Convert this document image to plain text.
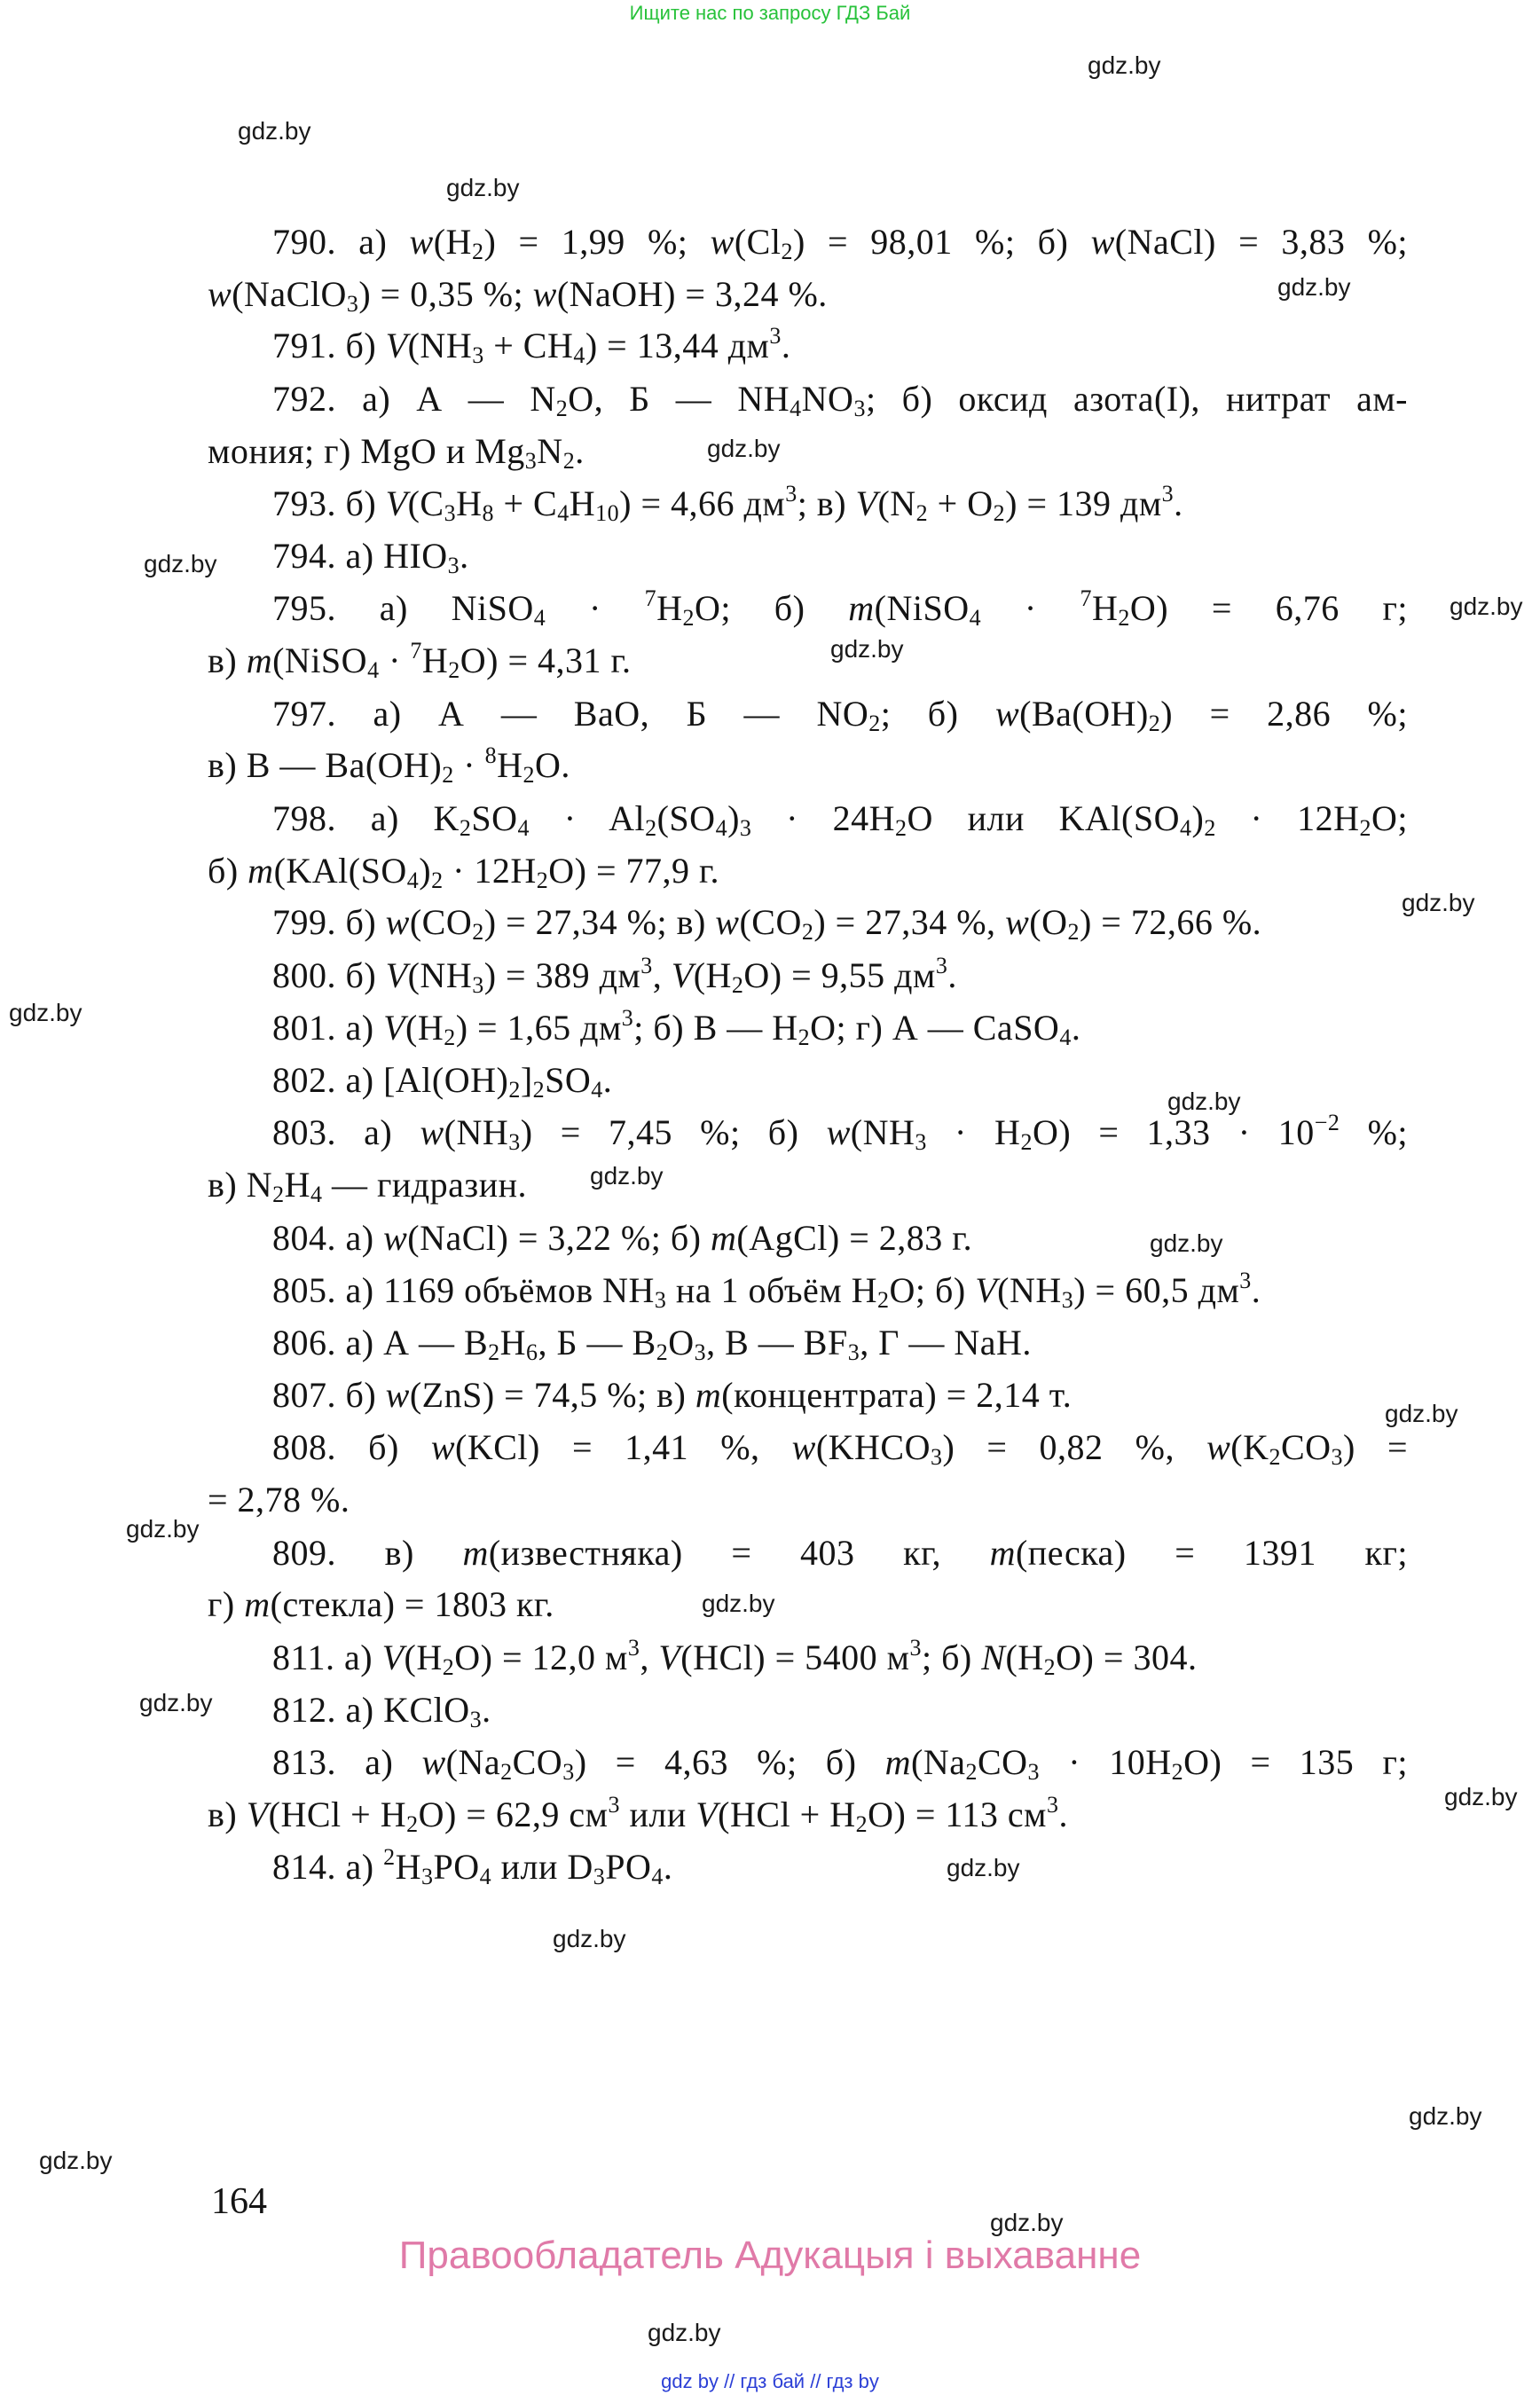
Ищите нас по запросу ГДЗ Бай
gdz.by
gdz.by
gdz.by
gdz.by
gdz.by
gdz.by
gdz.by
gdz.by
gdz.by
gdz.by
gdz.by
gdz.by
gdz.by
gdz.by
gdz.by
gdz.by
gdz.by
gdz.by
gdz.by
gdz.by
gdz.by
gdz.by
gdz.by
gdz.by
790. а) $w(H_2) = 1,99$ %; $w(Cl_2) = 98,01$ %; б) w(NaCl) = 3,83 %;
w(NaClO$_3$) = 0,35 %; w(NaOH) = 3,24 %.
791. б) $V(NH_3 + CH_4) = 13,44$ $дм^3$.
792. а) А — $N_2O$, Б — $NH_4NO_3$; б) оксид азота(I), нитрат ам-
мония; г) MgO и $Mg_3N_2$.
793. б) $V(C_3H_8 + C_4H_{10}) = 4,66$ $дм^3$; в) $V(N_2 + O_2) = 139$ $дм^3$.
794. а) $HIO_3$.
795. а) NiSO$_4$ · $^7H_2O$; б) m(NiSO$_4$ · $^7H_2O) = 6,76$ г;
в) m(NiSO$_4$ · $^7H_2O) = 4,31$ г.
797. а) А — BaO, Б — $NO_2$; б) $w(Ba(OH)_2) = 2,86$ %;
в) В — $Ba(OH)_2 \cdot ^8H_2O$.
798. а) $K_2SO_4 \cdot Al_2(SO_4)_3 \cdot 24H_2O$ или $KAl(SO_4)_2 \cdot 12H_2O$;
б) $m(KAl(SO_4)_2 \cdot 12H_2O) = 77,9$ г.
799. б) $w(CO_2) = 27,34$ %; в) $w(CO_2) = 27,34$ %, $w(O_2) = 72,66$ %.
800. б) $V(NH_3) = 389$ $дм^3$, $V(H_2O) = 9,55$ $дм^3$.
801. а) $V(H_2) = 1,65$ $дм^3$; б) В — $H_2O$; г) А — CaSO$_4$.
802. а) $[Al(OH)_2]_2SO_4$.
803. а) $w(NH_3) = 7,45$ %; б) $w(NH_3 \cdot H_2O) = 1,33 \cdot 10^{-2}$ %;
в) $N_2H_4$ — гидразин.
804. а) w(NaCl) = 3,22 %; б) m(AgCl) = 2,83 г.
805. а) 1169 объёмов $NH_3$ на 1 объём $H_2O$; б) $V(NH_3) = 60,5$ $дм^3$.
806. а) А — $B_2H_6$, Б — $B_2O_3$, В — $BF_3$, Г — NaH.
807. б) w(ZnS) = 74,5 %; в) m(концентрата) = 2,14 т.
808. б) w(KCl) = 1,41 %, $w(KHCO_3) = 0,82$ %, $w(K_2CO_3)$ =
= 2,78 %.
809. в) m(известняка) = 403 кг, m(песка) = 1391 кг;
г) m(стекла) = 1803 кг.
811. а) $V(H_2O) = 12,0$ $м^3$, V(HCl) = 5400 $м^3$; б) $N(H_2O) = 304$.
812. а) KClO$_3$.
813. а) $w(Na_2CO_3) = 4,63$ %; б) $m(Na_2CO_3 \cdot 10H_2O) = 135$ г;
в) $V(HCl + H_2O) = 62,9$ $см^3$ или $V(HCl + H_2O) = 113$ $см^3$.
814. а) $^2H_3PO_4$ или $D_3PO_4$.
164
Правообладатель Адукацыя і выхаванне
gdz by // гдз бай // гдз by
